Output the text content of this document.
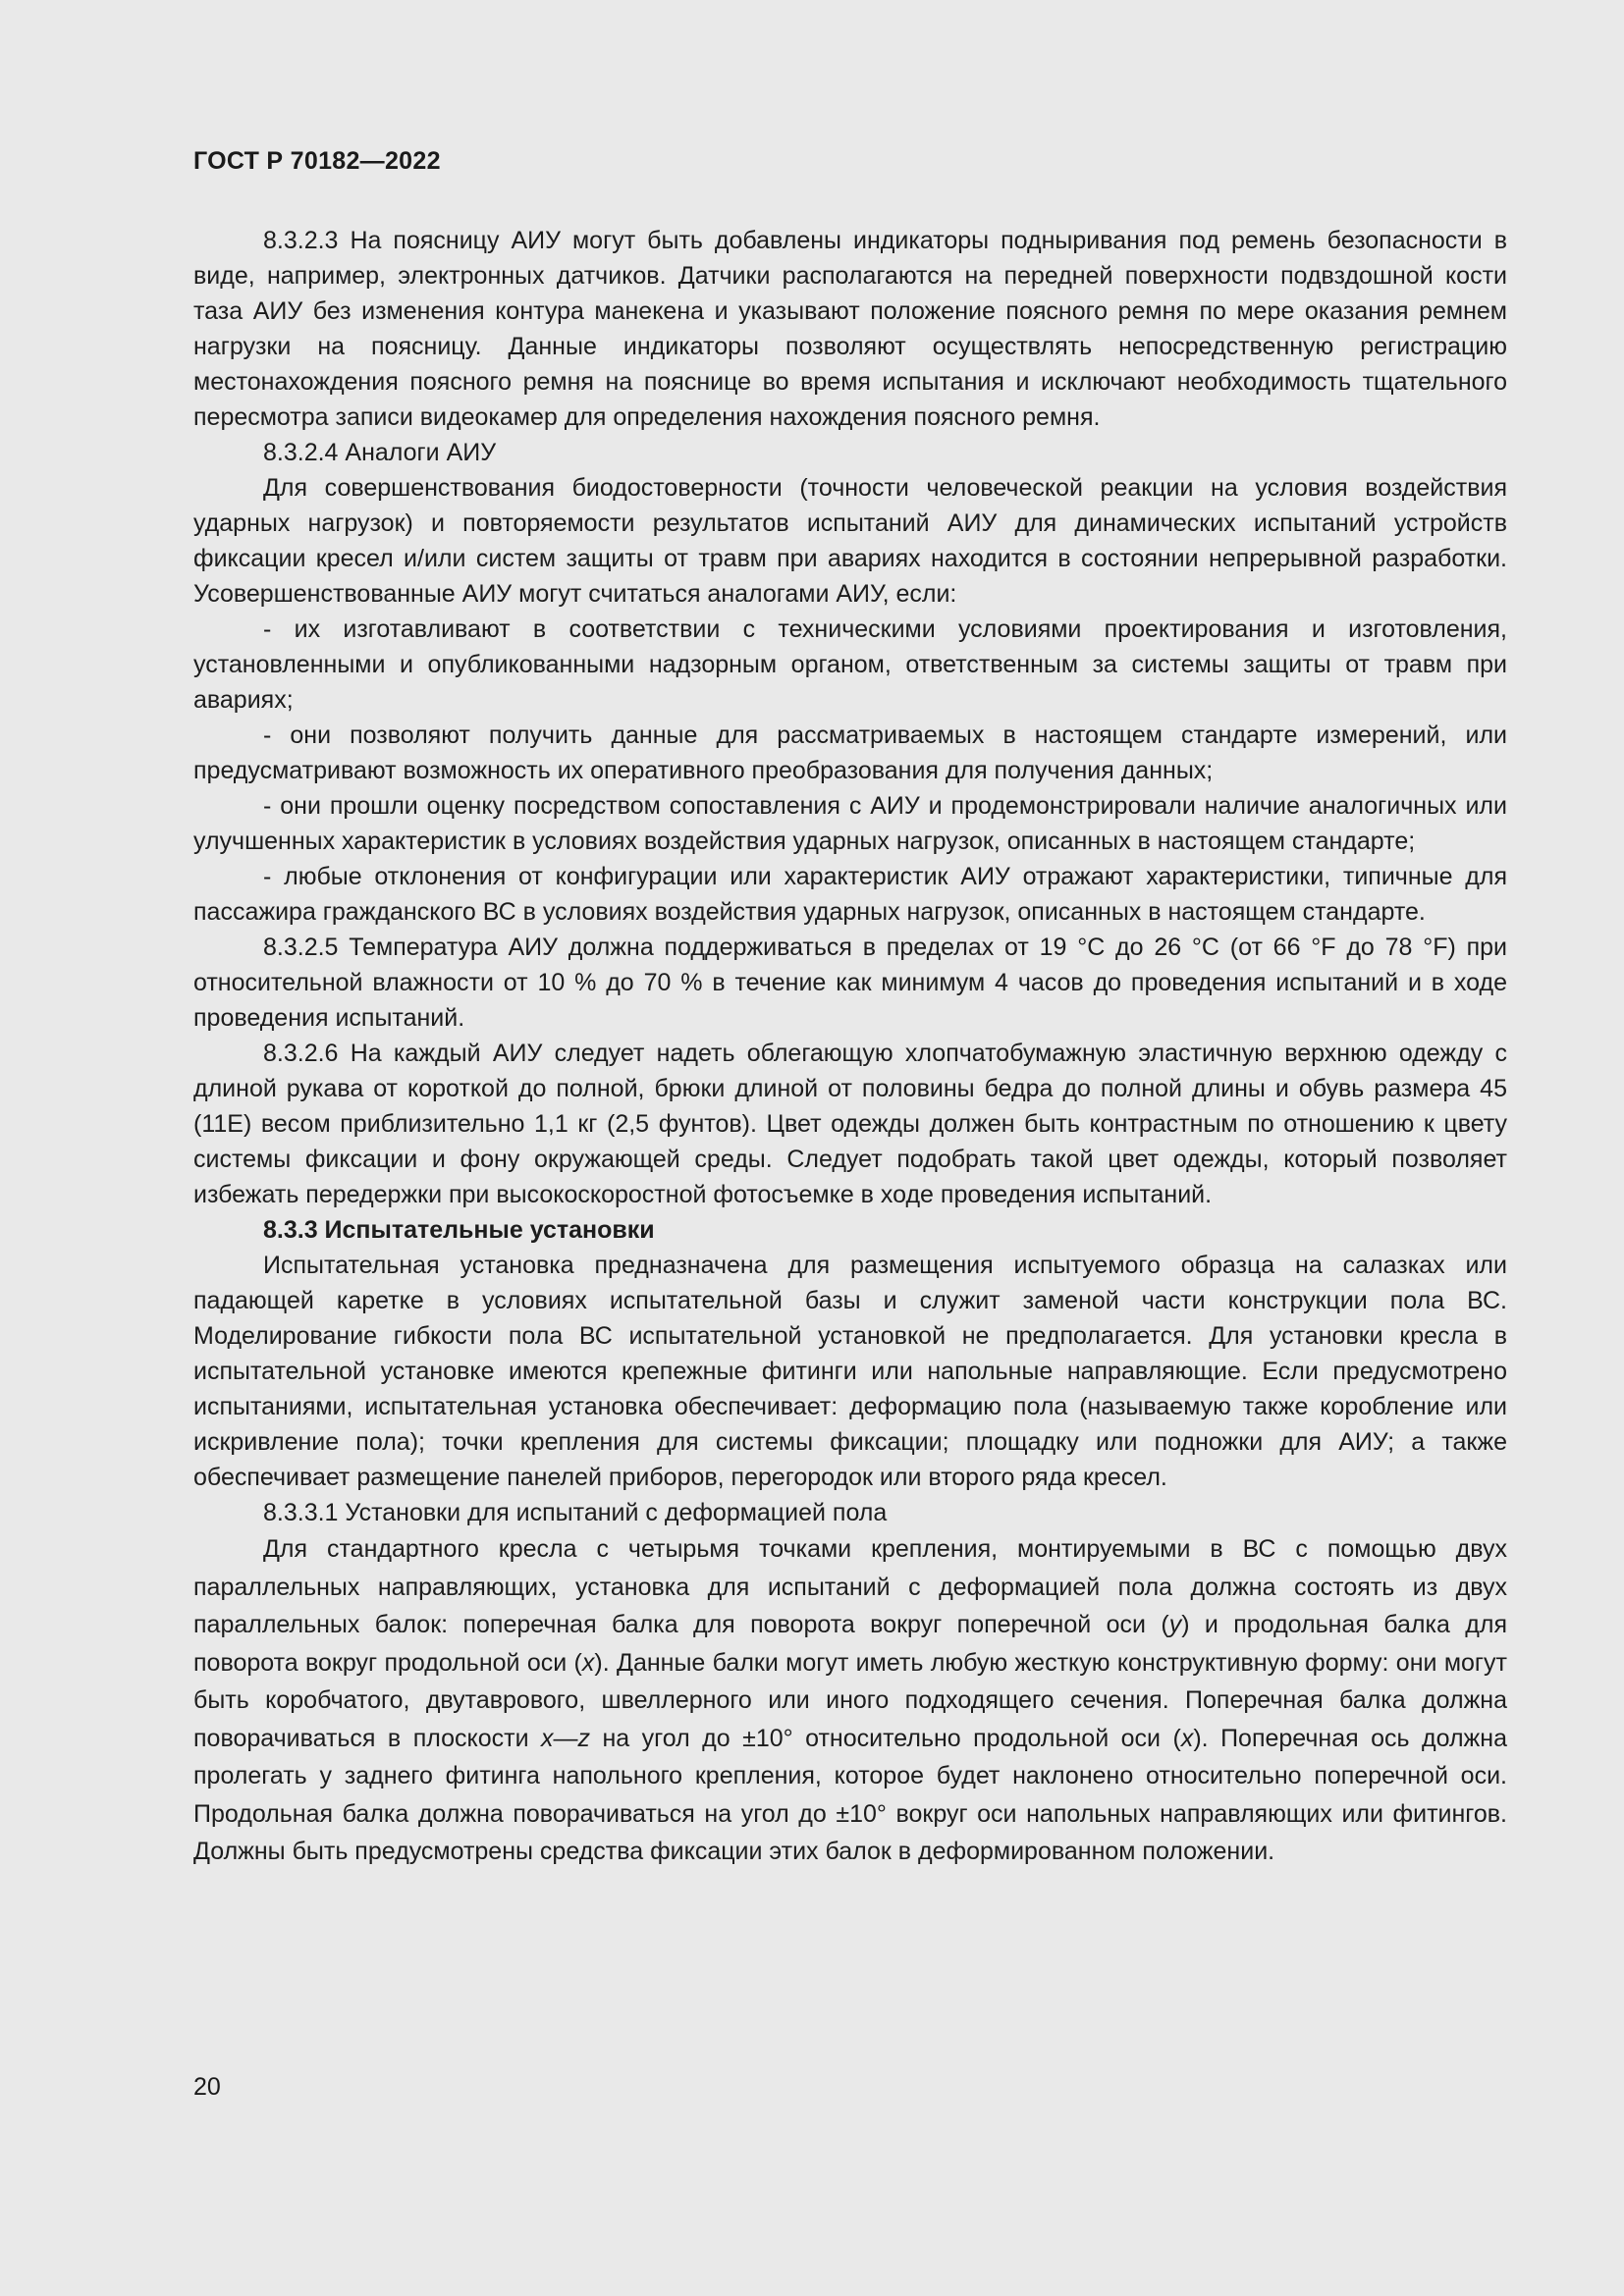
ГОСТ Р 70182—2022

8.3.2.3 На поясницу АИУ могут быть добавлены индикаторы подныривания под ремень безопасности в виде, например, электронных датчиков. Датчики располагаются на передней поверхности подвздошной кости таза АИУ без изменения контура манекена и указывают положение поясного ремня по мере оказания ремнем нагрузки на поясницу. Данные индикаторы позволяют осуществлять непосредственную регистрацию местонахождения поясного ремня на пояснице во время испытания и исключают необходимость тщательного пересмотра записи видеокамер для определения нахождения поясного ремня.

8.3.2.4 Аналоги АИУ

Для совершенствования биодостоверности (точности человеческой реакции на условия воздействия ударных нагрузок) и повторяемости результатов испытаний АИУ для динамических испытаний устройств фиксации кресел и/или систем защиты от травм при авариях находится в состоянии непрерывной разработки. Усовершенствованные АИУ могут считаться аналогами АИУ, если:

- их изготавливают в соответствии с техническими условиями проектирования и изготовления, установленными и опубликованными надзорным органом, ответственным за системы защиты от травм при авариях;

- они позволяют получить данные для рассматриваемых в настоящем стандарте измерений, или предусматривают возможность их оперативного преобразования для получения данных;

- они прошли оценку посредством сопоставления с АИУ и продемонстрировали наличие аналогичных или улучшенных характеристик в условиях воздействия ударных нагрузок, описанных в настоящем стандарте;

- любые отклонения от конфигурации или характеристик АИУ отражают характеристики, типичные для пассажира гражданского ВС в условиях воздействия ударных нагрузок, описанных в настоящем стандарте.

8.3.2.5 Температура АИУ должна поддерживаться в пределах от 19 °С до 26 °С (от 66 °F до 78 °F) при относительной влажности от 10 % до 70 % в течение как минимум 4 часов до проведения испытаний и в ходе проведения испытаний.

8.3.2.6 На каждый АИУ следует надеть облегающую хлопчатобумажную эластичную верхнюю одежду с длиной рукава от короткой до полной, брюки длиной от половины бедра до полной длины и обувь размера 45 (11Е) весом приблизительно 1,1 кг (2,5 фунтов). Цвет одежды должен быть контрастным по отношению к цвету системы фиксации и фону окружающей среды. Следует подобрать такой цвет одежды, который позволяет избежать передержки при высокоскоростной фотосъемке в ходе проведения испытаний.

8.3.3 Испытательные установки

Испытательная установка предназначена для размещения испытуемого образца на салазках или падающей каретке в условиях испытательной базы и служит заменой части конструкции пола ВС. Моделирование гибкости пола ВС испытательной установкой не предполагается. Для установки кресла в испытательной установке имеются крепежные фитинги или напольные направляющие. Если предусмотрено испытаниями, испытательная установка обеспечивает: деформацию пола (называемую также коробление или искривление пола); точки крепления для системы фиксации; площадку или подножки для АИУ; а также обеспечивает размещение панелей приборов, перегородок или второго ряда кресел.

8.3.3.1 Установки для испытаний с деформацией пола

Для стандартного кресла с четырьмя точками крепления, монтируемыми в ВС с помощью двух параллельных направляющих, установка для испытаний с деформацией пола должна состоять из двух параллельных балок: поперечная балка для поворота вокруг поперечной оси (y) и продольная балка для поворота вокруг продольной оси (x). Данные балки могут иметь любую жесткую конструктивную форму: они могут быть коробчатого, двутаврового, швеллерного или иного подходящего сечения. Поперечная балка должна поворачиваться в плоскости x—z на угол до ±10° относительно продольной оси (x). Поперечная ось должна пролегать у заднего фитинга напольного крепления, которое будет наклонено относительно поперечной оси. Продольная балка должна поворачиваться на угол до ±10° вокруг оси напольных направляющих или фитингов. Должны быть предусмотрены средства фиксации этих балок в деформированном положении.

20
